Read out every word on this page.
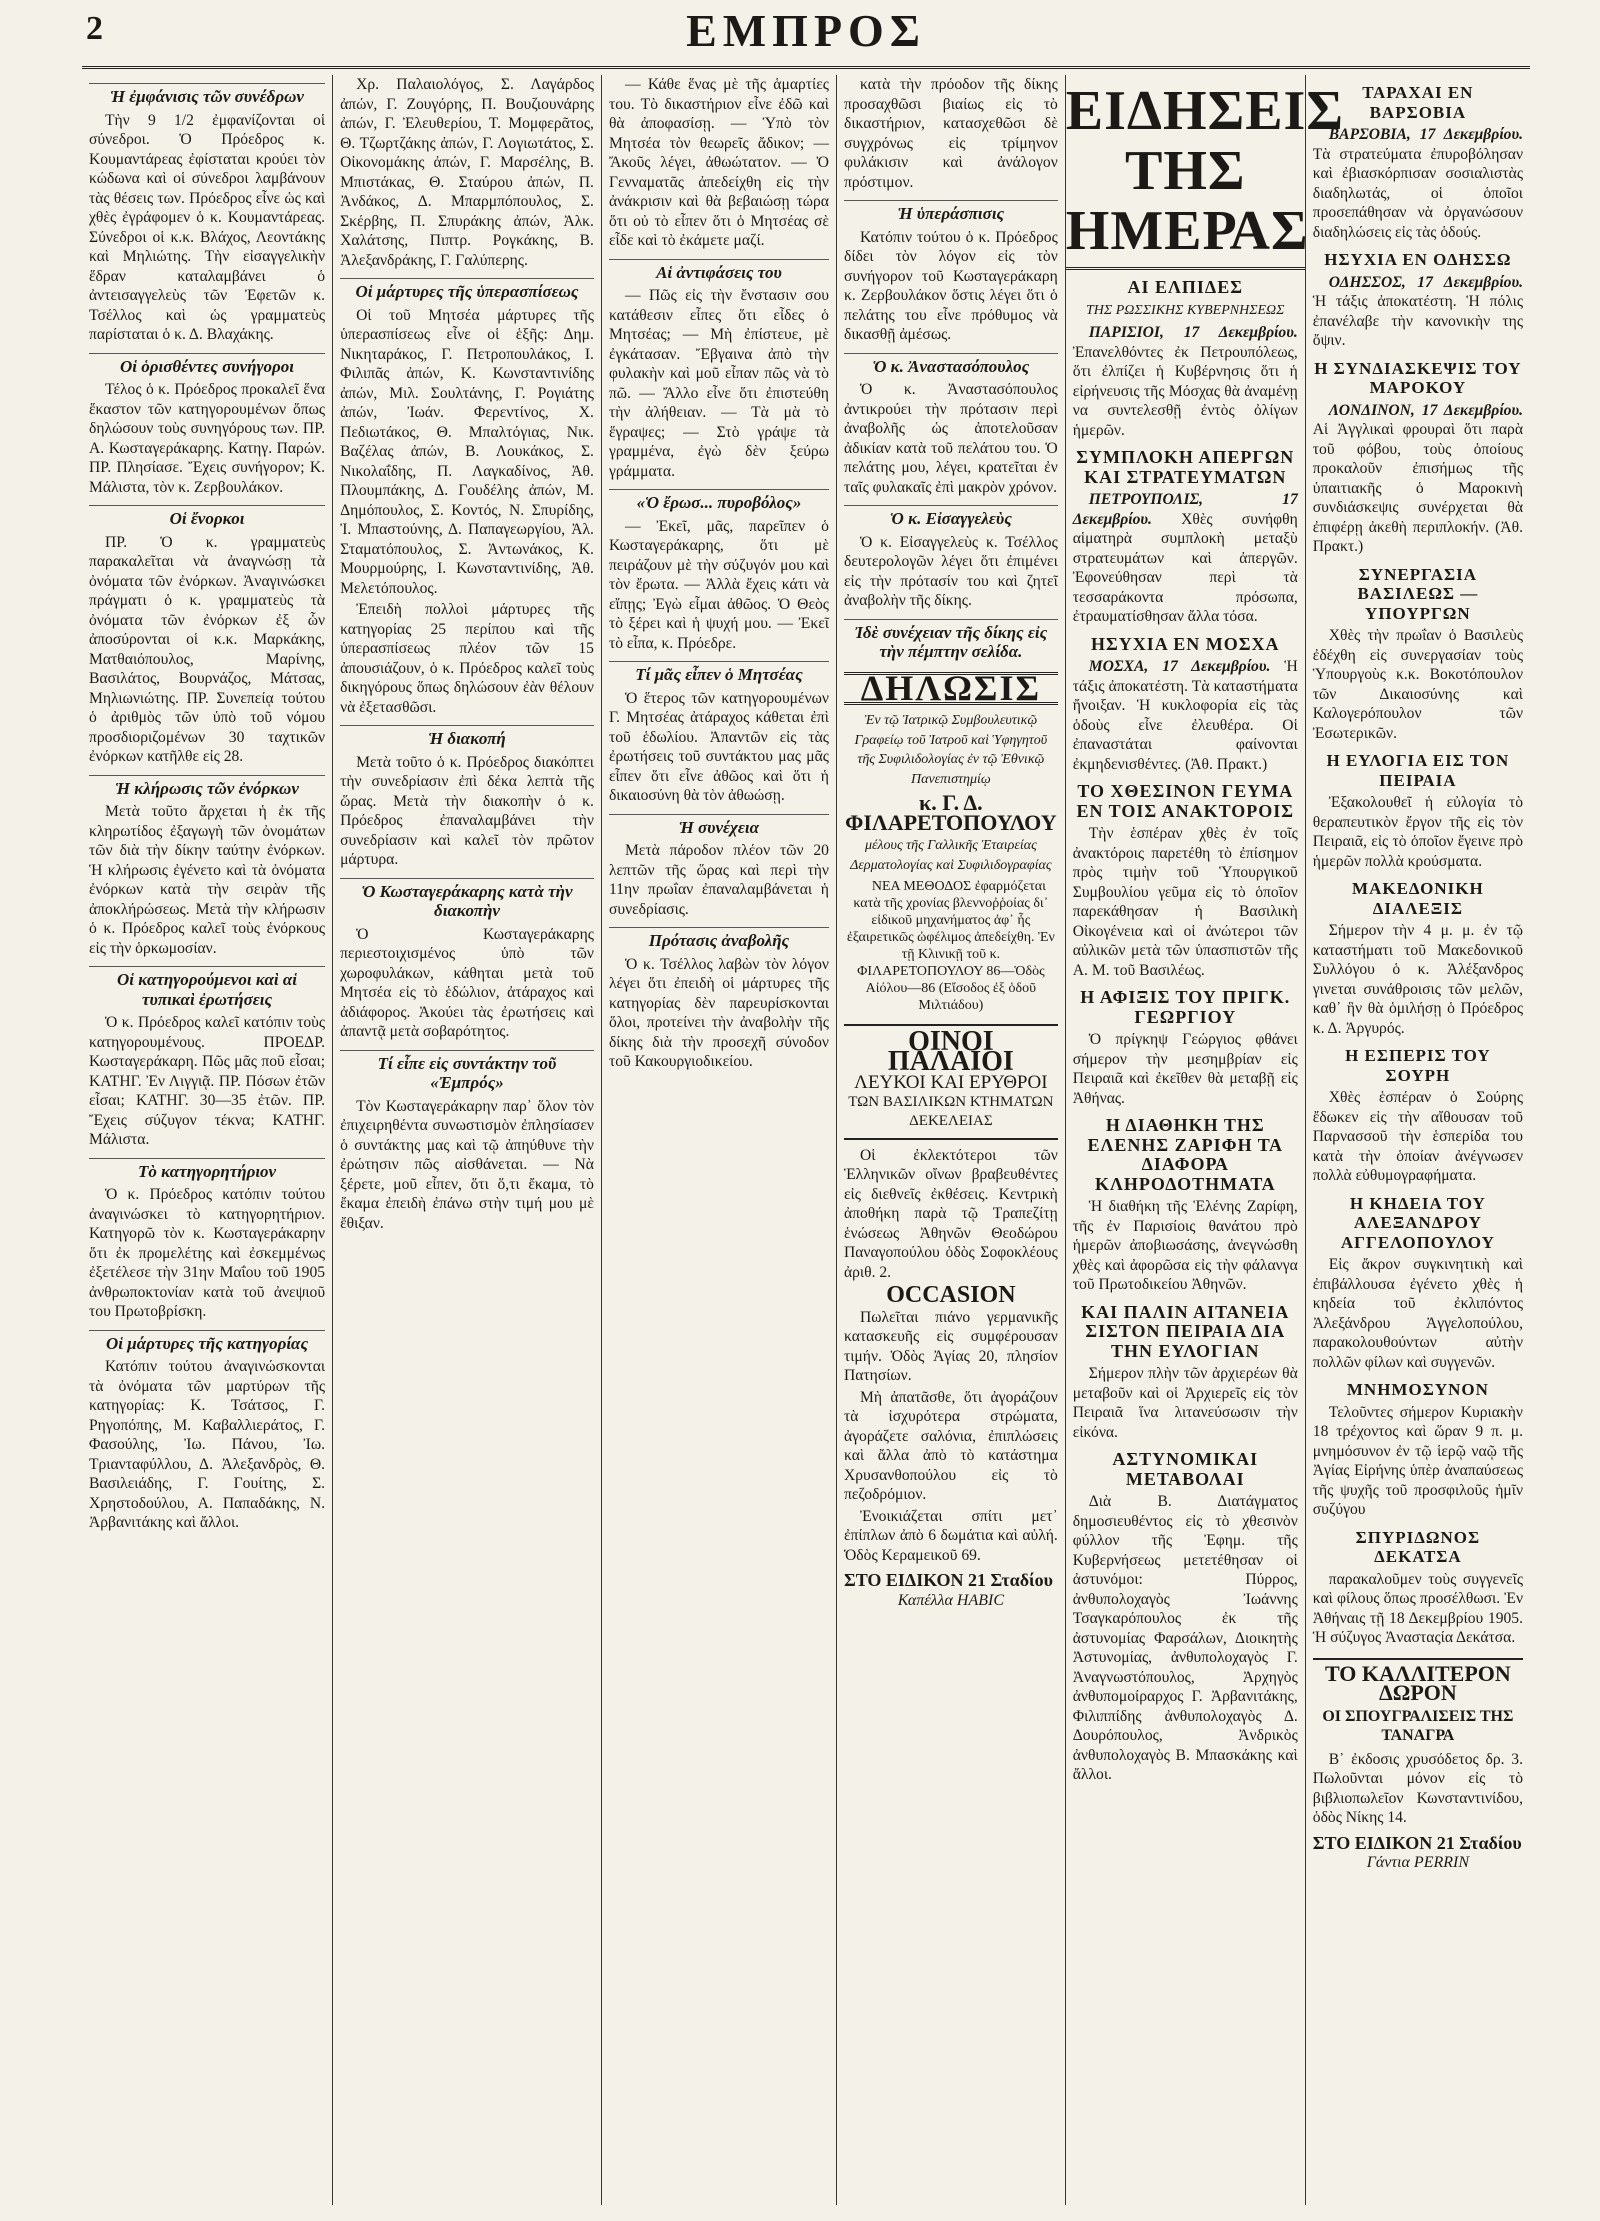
2	ΕΜΠΡΟΣ
Ἡ ἐμφάνισις τῶν συνέδρων

Τὴν 9 1/2 ἐμφανίζονται οἱ σύνεδροι. Ὁ Πρόεδρος κ. Κουμαντάρεας ἐφίσταται κρούει τὸν κώδωνα καὶ οἱ σύνεδροι λαμβάνουν τὰς θέσεις των. Πρόεδρος εἶνε ὡς καὶ χθὲς ἐγράφομεν ὁ κ. Κουμαντάρεας. Σύνεδροι οἱ κ.κ. Βλάχος, Λεοντάκης καὶ Μηλιώτης. Τὴν εἰσαγγελικὴν ἕδραν καταλαμβάνει ὁ ἀντεισαγγελεὺς τῶν Ἐφετῶν κ. Τσέλλος καὶ ὡς γραμματεὺς παρίσταται ὁ κ. Δ. Βλαχάκης.

Οἱ ὁρισθέντες συνήγοροι

Τέλος ὁ κ. Πρόεδρος προκαλεῖ ἕνα ἕκαστον τῶν κατηγορουμένων ὅπως δηλώσουν τοὺς συνηγόρους των. ΠΡ. Α. Κωσταγεράκαρης. Κατηγ. Παρών. ΠΡ. Πλησίασε. Ἔχεις συνήγορον; Κ. Μάλιστα, τὸν κ. Ζερβουλάκον.

Οἱ ἔνορκοι

ΠΡ. Ὁ κ. γραμματεὺς παρακαλεῖται νὰ ἀναγνώσῃ τὰ ὀνόματα τῶν ἐνόρκων. Ἀναγινώσκει πράγματι ὁ κ. γραμματεὺς τὰ ὀνόματα τῶν ἐνόρκων ἐξ ὧν ἀποσύρονται οἱ κ.κ. Μαρκάκης, Ματθαιόπουλος, Μαρίνης, Βασιλάτος, Βουρνάζος, Μάτσας, Μηλιωνιώτης. ΠΡ. Συνεπείᾳ τούτου ὁ ἀριθμὸς τῶν ὑπὸ τοῦ νόμου προσδιοριζομένων 30 ταχτικῶν ἐνόρκων κατῆλθε εἰς 28.

Ἡ κλήρωσις τῶν ἐνόρκων

Μετὰ τοῦτο ἄρχεται ἡ ἐκ τῆς κληρωτίδος ἐξαγωγὴ τῶν ὀνομάτων τῶν διὰ τὴν δίκην ταύτην ἐνόρκων. Ἡ κλήρωσις ἐγένετο καὶ τὰ ὀνόματα ἐνόρκων κατὰ τὴν σειρὰν τῆς ἀποκλήρώσεως. Μετὰ τὴν κλήρωσιν ὁ κ. Πρόεδρος καλεῖ τοὺς ἐνόρκους εἰς τὴν ὁρκωμοσίαν.

Οἱ κατηγορούμενοι καὶ αἱ τυπικαὶ ἐρωτήσεις

Ὁ κ. Πρόεδρος καλεῖ κατόπιν τοὺς κατηγορουμένους. ΠΡΟΕΔΡ. Κωσταγεράκαρη. Πῶς μᾶς ποῦ εἶσαι; ΚΑΤΗΓ. Ἐν Λιγγιᾷ. ΠΡ. Πόσων ἐτῶν εἶσαι; ΚΑΤΗΓ. 30—35 ἐτῶν. ΠΡ. Ἔχεις σύζυγον τέκνα; ΚΑΤΗΓ. Μάλιστα.

Τὸ κατηγορητήριον

Ὁ κ. Πρόεδρος κατόπιν τούτου ἀναγινώσκει τὸ κατηγορητήριον. Κατηγορῶ τὸν κ. Κωσταγεράκαρην ὅτι ἐκ προμελέτης καὶ ἐσκεμμένως ἐξετέλεσε τὴν 31ην Μαΐου τοῦ 1905 ἀνθρωποκτονίαν κατὰ τοῦ ἀνεψιοῦ του Πρωτοβρίσκη.

Οἱ μάρτυρες τῆς κατηγορίας

Κατόπιν τούτου ἀναγινώσκονται τὰ ὀνόματα τῶν μαρτύρων τῆς κατηγορίας: Κ. Τσάτσος, Γ. Ρηγοπόπης, Μ. Καβαλλιεράτος, Γ. Φασούλης, Ἰω. Πάνου, Ἰω. Τριανταφύλλου, Δ. Ἀλεξανδρὸς, Θ. Βασιλειάδης, Γ. Γουίτης, Σ. Χρηστοδούλου, Α. Παπαδάκης, Ν. Ἀρβανιτάκης καὶ ἄλλοι.

Χρ. Παλαιολόγος, Σ. Λαγάρδος ἀπών, Γ. Ζουγόρης, Π. Βουζιουνάρης ἀπών, Γ. Ἐλευθερίου, Τ. Μομφερᾶτος, Θ. Τζωρτζάκης ἀπών, Γ. Λογιωτάτος, Σ. Οἰκονομάκης ἀπών, Γ. Μαρσέλης, Β. Μπιστάκας, Θ. Σταύρου ἀπών, Π. Ἀνδάκος, Δ. Μπαρμπόπουλος, Σ. Σκέρβης, Π. Σπυράκης ἀπών, Ἀλκ. Χαλάτσης, Πιπτρ. Ρογκάκης, Β. Ἀλεξανδράκης, Γ. Γαλύπερης.

Οἱ μάρτυρες τῆς ὑπερασπίσεως

Οἱ τοῦ Μητσέα μάρτυρες τῆς ὑπερασπίσεως εἶνε οἱ ἑξῆς: Δημ. Νικηταράκος, Γ. Πετροπουλάκος, Ι. Φιλιπᾶς ἀπών, Κ. Κωνσταντινίδης ἀπών, Μιλ. Σουλτάνης, Γ. Ρογιάτης ἀπών, Ἰωάν. Φερεντίνος, Χ. Πεδιωτάκος, Θ. Μπαλτόγιας, Νικ. Βαζέλας ἀπών, Β. Λουκάκος, Σ. Νικολαΐδης, Π. Λαγκαδίνος, Ἀθ. Πλουμπάκης, Δ. Γουδέλης ἀπών, Μ. Δημόπουλος, Σ. Κοντός, Ν. Σπυρίδης, Ἰ. Μπαστούνης, Δ. Παπαγεωργίου, Ἀλ. Σταματόπουλος, Σ. Ἀντωνάκος, Κ. Μουρμούρης, Ι. Κωνσταντινίδης, Ἀθ. Μελετόπουλος.

Ἐπειδὴ πολλοὶ μάρτυρες τῆς κατηγορίας 25 περίπου καὶ τῆς ὑπερασπίσεως πλέον τῶν 15 ἀπουσιάζουν, ὁ κ. Πρόεδρος καλεῖ τοὺς δικηγόρους ὅπως δηλώσουν ἐὰν θέλουν νὰ ἐξετασθῶσι.

Ἡ διακοπή

Μετὰ τοῦτο ὁ κ. Πρόεδρος διακόπτει τὴν συνεδρίασιν ἐπὶ δέκα λεπτὰ τῆς ὥρας. Μετὰ τὴν διακοπὴν ὁ κ. Πρόεδρος ἐπαναλαμβάνει τὴν συνεδρίασιν καὶ καλεῖ τὸν πρῶτον μάρτυρα.

Ὁ Κωσταγεράκαρης κατὰ τὴν διακοπὴν

Ὁ Κωσταγεράκαρης περιεστοιχισμένος ὑπὸ τῶν χωροφυλάκων, κάθηται μετὰ τοῦ Μητσέα εἰς τὸ ἑδώλιον, ἀτάραχος καὶ ἀδιάφορος. Ἀκούει τὰς ἐρωτήσεις καὶ ἀπαντᾷ μετὰ σοβαρότητος.

Τί εἶπε εἰς συντάκτην τοῦ «Ἐμπρός»

Τὸν Κωσταγεράκαρην παρ᾽ ὅλον τὸν ἐπιχειρηθέντα συνωστισμὸν ἐπλησίασεν ὁ συντάκτης μας καὶ τῷ ἀπηύθυνε τὴν ἐρώτησιν πῶς αἰσθάνεται. — Νὰ ξέρετε, μοῦ εἶπεν, ὅτι ὅ,τι ἔκαμα, τὸ ἔκαμα ἐπειδὴ ἐπάνω στὴν τιμή μου μὲ ἔθιξαν.

— Κάθε ἕνας μὲ τῆς ἁμαρτίες του. Τὸ δικαστήριον εἶνε ἐδῶ καὶ θὰ ἀποφασίσῃ. — Ὑπὸ τὸν Μητσέα τὸν θεωρεῖς ἄδικον; — Ἄκοῦς λέγει, ἀθωώτατον. — Ὁ Γενναματᾶς ἀπεδείχθη εἰς τὴν ἀνάκρισιν καὶ θὰ βεβαιώσῃ τώρα ὅτι οὐ τὸ εἶπεν ὅτι ὁ Μητσέας σὲ εἶδε καὶ τὸ ἐκάμετε μαζί.

Αἱ ἀντιφάσεις του

— Πῶς εἰς τὴν ἔνστασιν σου κατάθεσιν εἶπες ὅτι εἶδες ὁ Μητσέας; — Μὴ ἐπίστευε, μὲ ἐγκάτασαν. Ἔβγαινα ἀπὸ τὴν φυλακὴν καὶ μοῦ εἶπαν πῶς νὰ τὸ πῶ. — Ἄλλο εἶνε ὅτι ἐπιστεύθη τὴν ἀλήθειαν. — Τὰ μὰ τὸ ἕγραψες; — Στὸ γράψε τὰ γραμμένα, ἐγὼ δὲν ξεύρω γράμματα.

«Ὁ ἔρωσ... πυροβόλος»

— Ἐκεῖ, μᾶς, παρεῖπεν ὁ Κωσταγεράκαρης, ὅτι μὲ πειράζουν μὲ τὴν σύζυγόν μου καὶ τὸν ἔρωτα. — Ἀλλὰ ἔχεις κάτι νὰ εἴπῃς; Ἐγὼ εἶμαι ἀθῶος. Ὁ Θεὸς τὸ ξέρει καὶ ἡ ψυχή μου. — Ἐκεῖ τὸ εἶπα, κ. Πρόεδρε.

Τί μᾶς εἶπεν ὁ Μητσέας

Ὁ ἕτερος τῶν κατηγορουμένων Γ. Μητσέας ἀτάραχος κάθεται ἐπὶ τοῦ ἑδωλίου. Ἀπαντῶν εἰς τὰς ἐρωτήσεις τοῦ συντάκτου μας μᾶς εἶπεν ὅτι εἶνε ἀθῶος καὶ ὅτι ἡ δικαιοσύνη θὰ τὸν ἀθωώσῃ.

Ἡ συνέχεια

Μετὰ πάροδον πλέον τῶν 20 λεπτῶν τῆς ὥρας καὶ περὶ τὴν 11ην πρωΐαν ἐπαναλαμβάνεται ἡ συνεδρίασις.

Πρότασις ἀναβολῆς

Ὁ κ. Τσέλλος λαβὼν τὸν λόγον λέγει ὅτι ἐπειδὴ οἱ μάρτυρες τῆς κατηγορίας δὲν παρευρίσκονται ὅλοι, προτείνει τὴν ἀναβολὴν τῆς δίκης διὰ τὴν προσεχῆ σύνοδον τοῦ Κακουργιοδικείου.

κατὰ τὴν πρόοδον τῆς δίκης προσαχθῶσι βιαίως εἰς τὸ δικαστήριον, κατασχεθῶσι δὲ συγχρόνως εἰς τρίμηνον φυλάκισιν καὶ ἀνάλογον πρόστιμον.

Ἡ ὑπεράσπισις

Κατόπιν τούτου ὁ κ. Πρόεδρος δίδει τὸν λόγον εἰς τὸν συνήγορον τοῦ Κωσταγεράκαρη κ. Ζερβουλάκον ὅστις λέγει ὅτι ὁ πελάτης του εἶνε πρόθυμος νὰ δικασθῇ ἀμέσως.

Ὁ κ. Ἀναστασόπουλος

Ὁ κ. Ἀναστασόπουλος ἀντικρούει τὴν πρότασιν περὶ ἀναβολῆς ὡς ἀποτελοῦσαν ἀδικίαν κατὰ τοῦ πελάτου του. Ὁ πελάτης μου, λέγει, κρατεῖται ἐν ταῖς φυλακαῖς ἐπὶ μακρὸν χρόνον.

Ὁ κ. Εἰσαγγελεὺς

Ὁ κ. Εἰσαγγελεὺς κ. Τσέλλος δευτερολογῶν λέγει ὅτι ἐπιμένει εἰς τὴν πρότασίν του καὶ ζητεῖ ἀναβολὴν τῆς δίκης.

Ἰδὲ συνέχειαν τῆς δίκης εἰς τὴν πέμπτην σελίδα.
ΔΗΛΩΣΙΣ
Ἐν τῷ Ἰατρικῷ Συμβουλευτικῷ Γραφείῳ τοῦ Ἰατροῦ καὶ Ὑφηγητοῦ τῆς Συφιλιδολογίας ἐν τῷ Ἐθνικῷ Πανεπιστημίῳ
κ. Γ. Δ. ΦΙΛΑΡΕΤΟΠΟΥΛΟΥ
μέλους τῆς Γαλλικῆς Ἑταιρείας Δερματολογίας καὶ Συφιλιδογραφίας

ΝΕΑ ΜΕΘΟΔΟΣ ἐφαρμόζεται κατὰ τῆς χρονίας βλεννοῤῥοίας δι᾽ εἰδικοῦ μηχανήματος ἀφ᾽ ἧς ἐξαιρετικῶς ὠφέλιμος ἀπεδείχθη. Ἐν τῇ Κλινικῇ τοῦ κ. ΦΙΛΑΡΕΤΟΠΟΥΛΟΥ 86—Ὁδὸς Αἰόλου—86 (Εἴσοδος ἐξ ὁδοῦ Μιλτιάδου)

ΟΙΝΟΙ ΠΑΛΑΙΟΙ
ΛΕΥΚΟΙ ΚΑΙ ΕΡΥΘΡΟΙ
ΤΩΝ ΒΑΣΙΛΙΚΩΝ ΚΤΗΜΑΤΩΝ ΔΕΚΕΛΕΙΑΣ

Οἱ ἐκλεκτότεροι τῶν Ἑλληνικῶν οἴνων βραβευθέντες εἰς διεθνεῖς ἐκθέσεις. Κεντρικὴ ἀποθήκη παρὰ τῷ Τραπεζίτῃ ἑνώσεως Ἀθηνῶν Θεοδώρου Παναγοπούλου ὁδὸς Σοφοκλέους ἀριθ. 2.

OCCASION

Πωλεῖται πιάνο γερμανικῆς κατασκευῆς εἰς συμφέρουσαν τιμήν. Ὁδὸς Ἀγίας 20, πλησίον Πατησίων.

Μὴ ἀπατᾶσθε, ὅτι ἀγοράζουν τὰ ἰσχυρότερα στρώματα, ἀγοράζετε σαλόνια, ἐπιπλώσεις καὶ ἄλλα ἀπὸ τὸ κατάστημα Χρυσανθοπούλου εἰς τὸ πεζοδρόμιον.

Ἐνοικιάζεται σπίτι μετ᾽ ἐπίπλων ἀπὸ 6 δωμάτια καὶ αὐλή. Ὁδὸς Κεραμεικοῦ 69.

ΣΤΟ ΕΙΔΙΚΟΝ 21 Σταδίου
Καπέλλα HABIC
ΕΙΔΗΣΕΙΣ ΤΗΣ ΗΜΕΡΑΣ
ΑΙ ΕΛΠΙΔΕΣ
ΤΗΣ ΡΩΣΣΙΚΗΣ ΚΥΒΕΡΝΗΣΕΩΣ

ΠΑΡΙΣΙΟΙ, 17 Δεκεμβρίου. Ἐπανελθόντες ἐκ Πετρουπόλεως, ὅτι ἐλπίζει ἡ Κυβέρνησις ὅτι ἡ εἰρήνευσις τῆς Μόσχας θὰ ἀναμένῃ να συντελεσθῇ ἐντὸς ὀλίγων ἡμερῶν.

ΣΥΜΠΛΟΚΗ ΑΠΕΡΓΩΝ ΚΑΙ ΣΤΡΑΤΕΥΜΑΤΩΝ

ΠΕΤΡΟΥΠΟΛΙΣ, 17 Δεκεμβρίου. Χθὲς συνήφθη αἱματηρὰ συμπλοκὴ μεταξὺ στρατευμάτων καὶ ἀπεργῶν. Ἐφονεύθησαν περὶ τὰ τεσσαράκοντα πρόσωπα, ἐτραυματίσθησαν ἄλλα τόσα.

ΗΣΥΧΙΑ ΕΝ ΜΟΣΧΑ

ΜΟΣΧΑ, 17 Δεκεμβρίου. Ἡ τάξις ἀποκατέστη. Τὰ καταστήματα ἤνοιξαν. Ἡ κυκλοφορία εἰς τὰς ὁδοὺς εἶνε ἐλευθέρα. Οἱ ἐπαναστάται φαίνονται ἐκμηδενισθέντες. (Ἀθ. Πρακτ.)

ΤΟ ΧΘΕΣΙΝΟΝ ΓΕΥΜΑ ΕΝ ΤΟΙΣ ΑΝΑΚΤΟΡΟΙΣ

Τὴν ἑσπέραν χθὲς ἐν τοῖς ἀνακτόροις παρετέθη τὸ ἐπίσημον πρὸς τιμὴν τοῦ Ὑπουργικοῦ Συμβουλίου γεῦμα εἰς τὸ ὁποῖον παρεκάθησαν ἡ Βασιλικὴ Οἰκογένεια καὶ οἱ ἀνώτεροι τῶν αὐλικῶν μετὰ τῶν ὑπασπιστῶν τῆς Α. Μ. τοῦ Βασιλέως.

Η ΑΦΙΞΙΣ ΤΟΥ ΠΡΙΓΚ. ΓΕΩΡΓΙΟΥ

Ὁ πρίγκηψ Γεώργιος φθάνει σήμερον τὴν μεσημβρίαν εἰς Πειραιᾶ καὶ ἐκεῖθεν θὰ μεταβῇ εἰς Ἀθήνας.

Η ΔΙΑΘΗΚΗ ΤΗΣ ΕΛΕΝΗΣ ΖΑΡΙΦΗ ΤΑ ΔΙΑΦΟΡΑ ΚΛΗΡΟΔΟΤΗΜΑΤΑ

Ἡ διαθήκη τῆς Ἑλένης Ζαρίφη, τῆς ἐν Παρισίοις θανάτου πρὸ ἡμερῶν ἀποβιωσάσης, ἀνεγνώσθη χθὲς καὶ ἀφορῶσα εἰς τὴν φάλανγα τοῦ Πρωτοδικείου Ἀθηνῶν.

ΚΑΙ ΠΑΛΙΝ ΑΙΤΑΝΕΙΑ ΣΙΣΤΟΝ ΠΕΙΡΑΙΑ ΔΙΑ ΤΗΝ ΕΥΛΟΓΙΑΝ

Σήμερον πλὴν τῶν ἀρχιερέων θὰ μεταβοῦν καὶ οἱ Ἀρχιερεῖς εἰς τὸν Πειραιᾶ ἵνα λιτανεύσωσιν τὴν εἰκόνα.

ΑΣΤΥΝΟΜΙΚΑΙ ΜΕΤΑΒΟΛΑΙ

Διὰ Β. Διατάγματος δημοσιευθέντος εἰς τὸ χθεσινὸν φύλλον τῆς Ἐφημ. τῆς Κυβερνήσεως μετετέθησαν οἱ ἀστυνόμοι: Πύρρος, ἀνθυπολοχαγὸς Ἰωάννης Τσαγκαρόπουλος ἐκ τῆς ἀστυνομίας Φαρσάλων, Διοικητὴς Ἀστυνομίας, ἀνθυπολοχαγὸς Γ. Ἀναγνωστόπουλος, Ἀρχηγὸς ἀνθυπομοίραρχος Γ. Ἀρβανιτάκης, Φιλιππίδης ἀνθυπολοχαγὸς Δ. Δουρόπουλος, Ἀνδρικὸς ἀνθυπολοχαγὸς Β. Μπασκάκης καὶ ἄλλοι.

ΤΑΡΑΧΑΙ ΕΝ ΒΑΡΣΟΒΙΑ

ΒΑΡΣΟΒΙΑ, 17 Δεκεμβρίου. Τὰ στρατεύματα ἐπυροβόλησαν καὶ ἐβιασκόρπισαν σοσιαλιστὰς διαδηλωτάς, οἱ ὁποῖοι προσεπάθησαν νὰ ὀργανώσουν διαδηλώσεις εἰς τὰς ὁδούς.

ΗΣΥΧΙΑ ΕΝ ΟΔΗΣΣΩ

ΟΔΗΣΣΟΣ, 17 Δεκεμβρίου. Ἡ τάξις ἀποκατέστη. Ἡ πόλις ἐπανέλαβε τὴν κανονικὴν της ὄψιν.

Η ΣΥΝΔΙΑΣΚΕΨΙΣ ΤΟΥ ΜΑΡΟΚΟΥ

ΛΟΝΔΙΝΟΝ, 17 Δεκεμβρίου. Αἱ Ἀγγλικαὶ φρουραὶ ὅτι παρὰ τοῦ φόβου, τοὺς ὁποίους προκαλοῦν ἐπισήμως τῆς ὑπαιτιακῆς ὁ Μαροκινὴ συνδιάσκεψις συνέρχεται θὰ ἐπιφέρῃ ἀκεθὴ περιπλοκήν. (Ἀθ. Πρακτ.)

ΣΥΝΕΡΓΑΣΙΑ ΒΑΣΙΛΕΩΣ — ΥΠΟΥΡΓΩΝ

Χθὲς τὴν πρωΐαν ὁ Βασιλεὺς ἐδέχθη εἰς συνεργασίαν τοὺς Ὑπουργοὺς κ.κ. Βοκοτόπουλον τῶν Δικαιοσύνης καὶ Καλογερόπουλον τῶν Ἐσωτερικῶν.

Η ΕΥΛΟΓΙΑ ΕΙΣ ΤΟΝ ΠΕΙΡΑΙΑ

Ἐξακολουθεῖ ἡ εὐλογία τὸ θεραπευτικὸν ἔργον τῆς εἰς τὸν Πειραιᾶ, εἰς τὸ ὁποῖον ἔγεινε πρὸ ἡμερῶν πολλὰ κρούσματα.

ΜΑΚΕΔΟΝΙΚΗ ΔΙΑΛΕΞΙΣ

Σήμερον τὴν 4 μ. μ. ἐν τῷ καταστήματι τοῦ Μακεδονικοῦ Συλλόγου ὁ κ. Ἀλέξανδρος γινεται συνάθροισις τῶν μελῶν, καθ᾽ ἣν θὰ ὁμιλήσῃ ὁ Πρόεδρος κ. Δ. Ἀργυρός.

Η ΕΣΠΕΡΙΣ ΤΟΥ ΣΟΥΡΗ

Χθὲς ἑσπέραν ὁ Σούρης ἔδωκεν εἰς τὴν αἴθουσαν τοῦ Παρνασσοῦ τὴν ἑσπερίδα του κατὰ τὴν ὁποίαν ἀνέγνωσεν πολλὰ εὐθυμογραφήματα.

Η ΚΗΔΕΙΑ ΤΟΥ ΑΛΕΞΑΝΔΡΟΥ ΑΓΓΕΛΟΠΟΥΛΟΥ

Εἰς ἄκρον συγκινητικὴ καὶ ἐπιβάλλουσα ἐγένετο χθὲς ἡ κηδεία τοῦ ἐκλιπόντος Ἀλεξάνδρου Ἀγγελοπούλου, παρακολουθούντων αὐτὴν πολλῶν φίλων καὶ συγγενῶν.

ΜΝΗΜΟΣΥΝΟΝ

Τελοῦντες σήμερον Κυριακὴν 18 τρέχοντος καὶ ὥραν 9 π. μ. μνημόσυνον ἐν τῷ ἱερῷ ναῷ τῆς Ἀγίας Εἰρήνης ὑπὲρ ἀναπαύσεως τῆς ψυχῆς τοῦ προσφιλοῦς ἡμῖν συζύγου

ΣΠΥΡΙΔΩΝΟΣ ΔΕΚΑΤΣΑ

παρακαλοῦμεν τοὺς συγγενεῖς καὶ φίλους ὅπως προσέλθωσι. Ἐν Ἀθήναις τῇ 18 Δεκεμβρίου 1905. Ἡ σύζυγος Ἀνασταςία Δεκάτσα.

ΤΟ ΚΑΛΛΙΤΕΡΟΝ ΔΩΡΟΝ
ΟΙ ΣΠΟΥΓΡΑΛΙΣΕΙΣ ΤΗΣ ΤΑΝΑΓΡΑ

Β᾽ ἐκδοσις χρυσόδετος δρ. 3. Πωλοῦνται μόνον εἰς τὸ βιβλιοπωλεῖον Κωνσταντινίδου, ὁδὸς Νίκης 14.

ΣΤΟ ΕΙΔΙΚΟΝ 21 Σταδίου
Γάντια PERRIN
